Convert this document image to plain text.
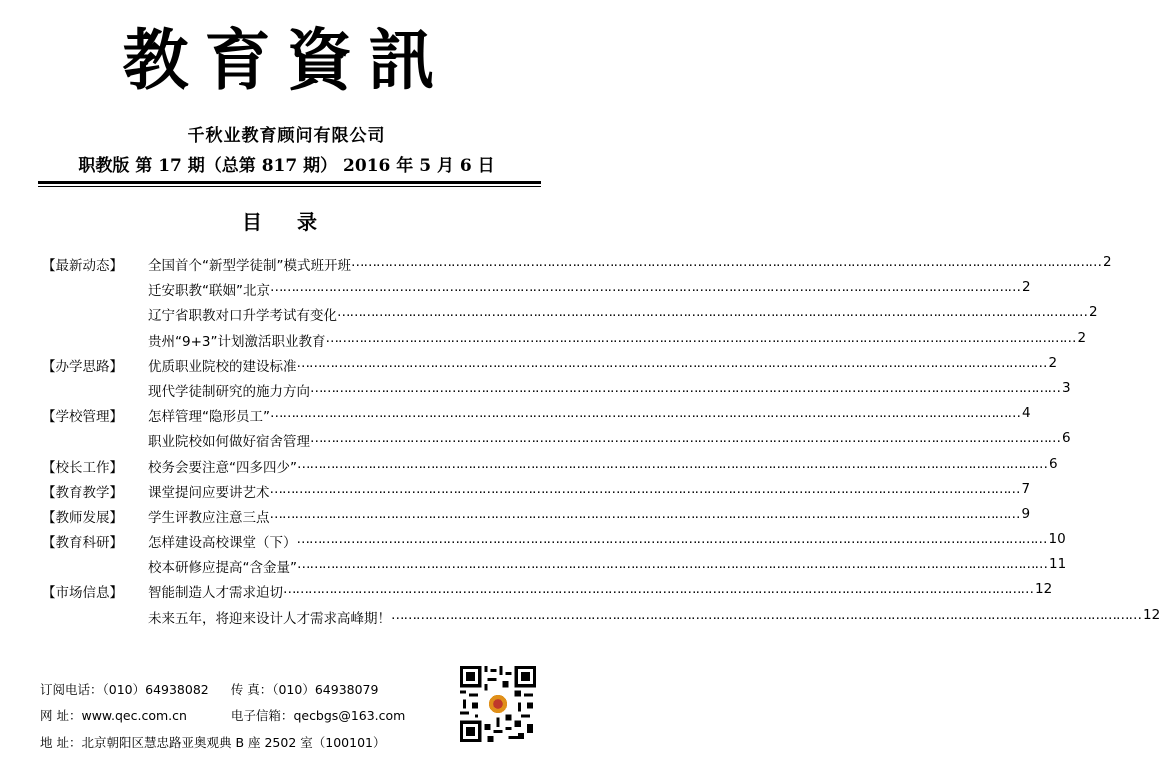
教育資訊
千秋业教育顾问有限公司
职教版 第 17 期（总第 817 期） 2016 年 5 月 6 日
目 录
【最新动态】 全国首个“新型学徒制”模式班开班 ……………………………………………………………………………………………………………………………………………………………… 2
迁安职教“联姻”北京 ……………………………………………………………………………………………………………………………………………………………… 2
辽宁省职教对口升学考试有变化 ……………………………………………………………………………………………………………………………………………………………… 2
贵州“9+3”计划激活职业教育 ……………………………………………………………………………………………………………………………………………………………… 2
【办学思路】 优质职业院校的建设标准 ……………………………………………………………………………………………………………………………………………………………… 2
现代学徒制研究的施力方向 ……………………………………………………………………………………………………………………………………………………………… 3
【学校管理】 怎样管理“隐形员工” ……………………………………………………………………………………………………………………………………………………………… 4
职业院校如何做好宿舍管理 ……………………………………………………………………………………………………………………………………………………………… 6
【校长工作】 校务会要注意“四多四少” ……………………………………………………………………………………………………………………………………………………………… 6
【教育教学】 课堂提问应要讲艺术 ……………………………………………………………………………………………………………………………………………………………… 7
【教师发展】 学生评教应注意三点 ……………………………………………………………………………………………………………………………………………………………… 9
【教育科研】 怎样建设高校课堂（下） ……………………………………………………………………………………………………………………………………………………………… 10
校本研修应提高“含金量” ……………………………………………………………………………………………………………………………………………………………… 11
【市场信息】 智能制造人才需求迫切 ……………………………………………………………………………………………………………………………………………………………… 12
未来五年，将迎来设计人才需求高峰期！ ……………………………………………………………………………………………………………………………………………………………… 12
订阅电话：（010）64938082 传 真：（010）64938079
网 址：www.qec.com.cn	电子信箱：qecbgs@163.com
地 址：北京朝阳区慧忠路亚奥观典 B 座 2502 室（100101）
